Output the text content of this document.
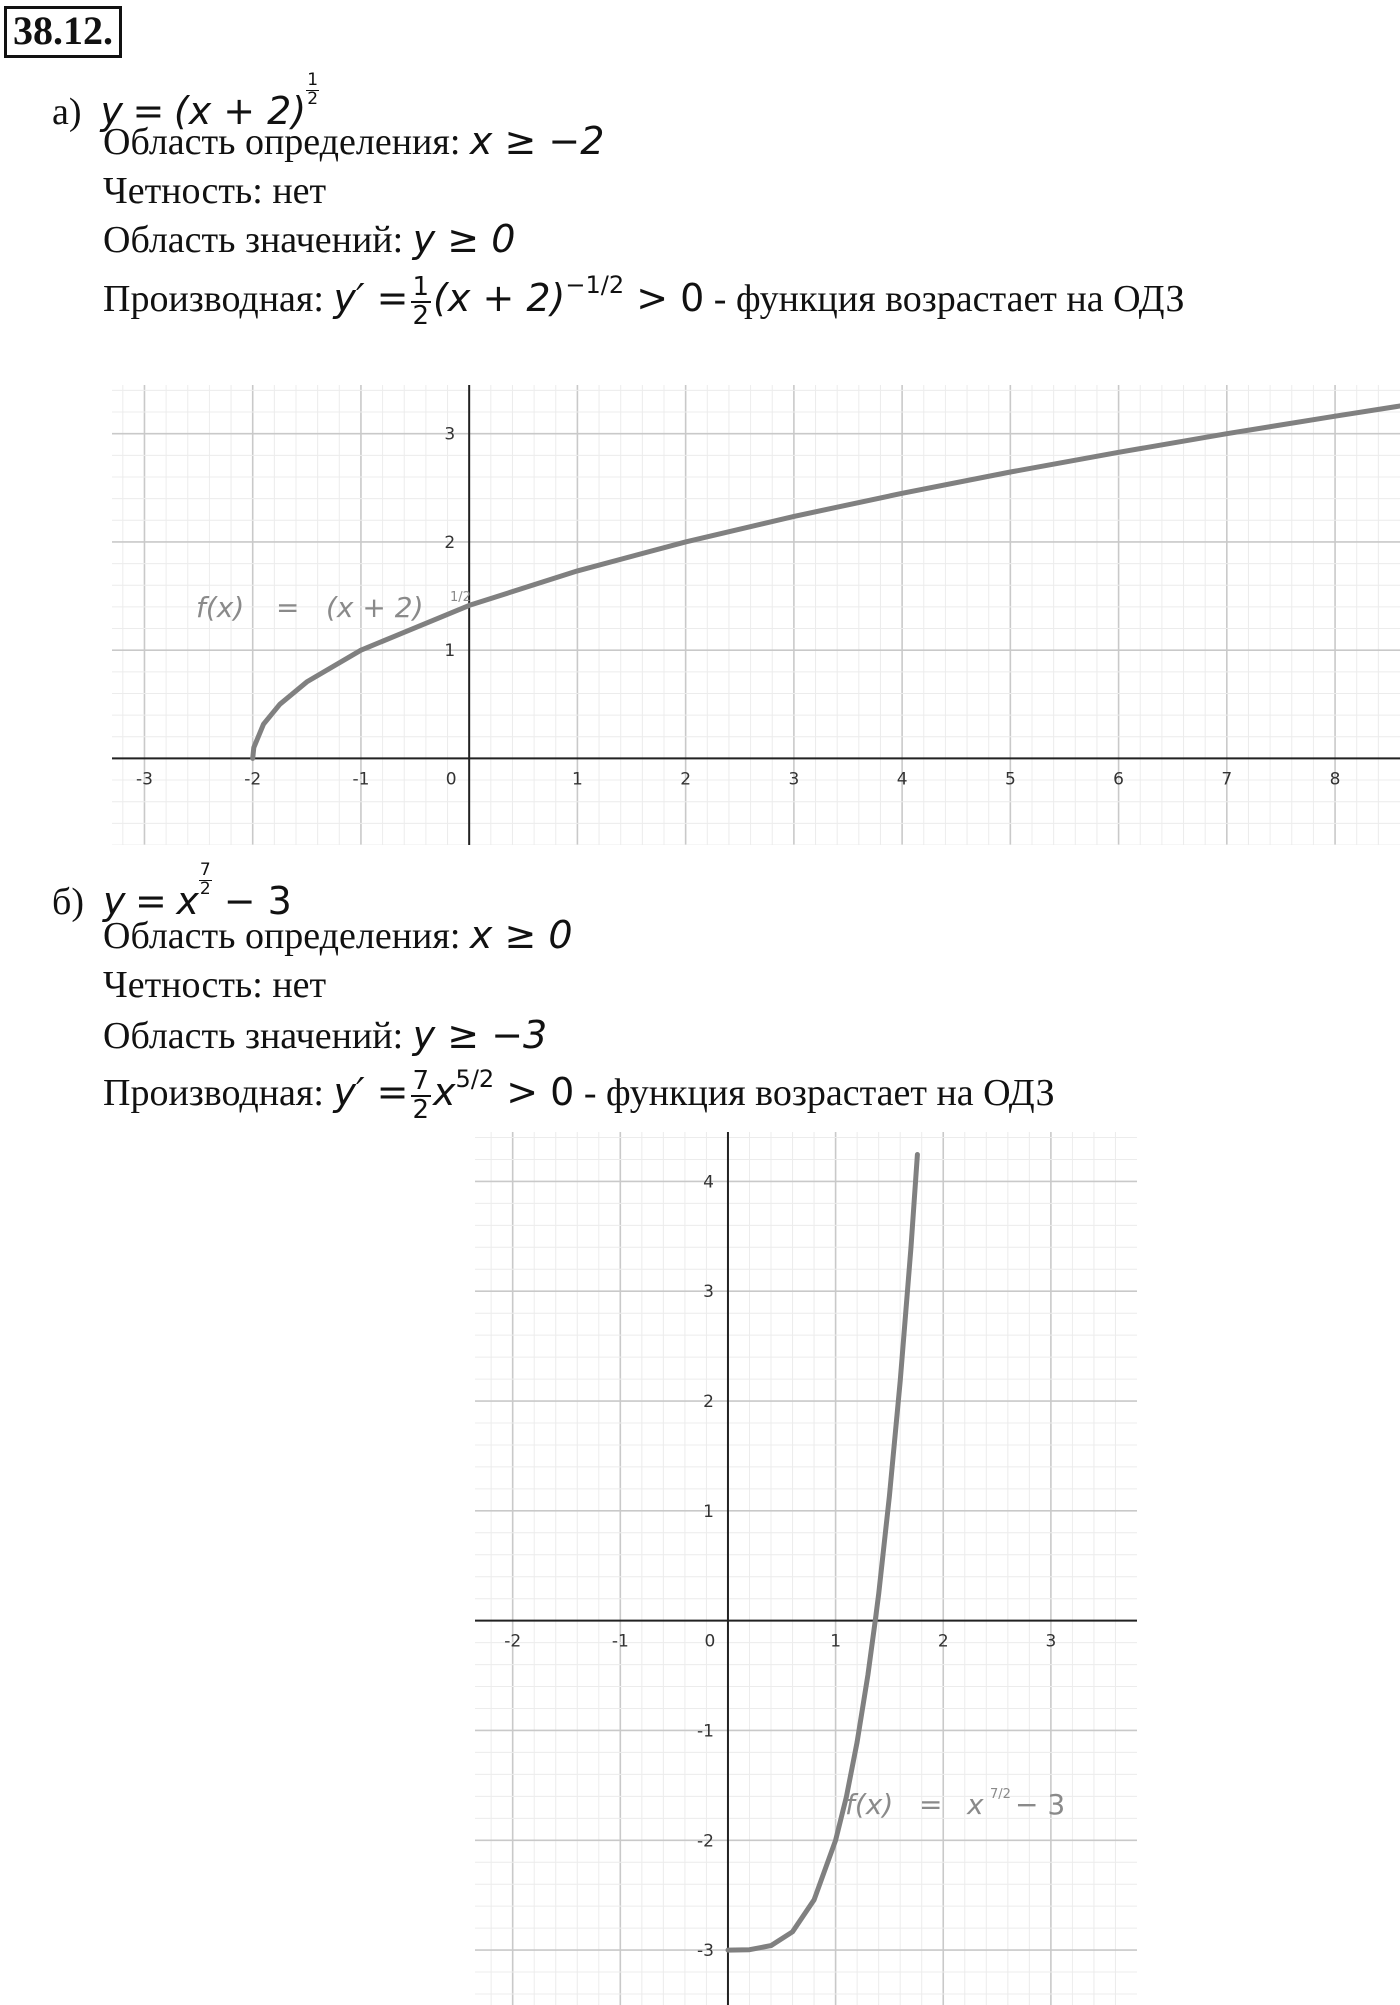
38.12.
а) $y = (x + 2) \frac{1}{2}$
Область определения: x ≥ −2
Четность: нет
Область значений: y ≥ 0
Производная: $y' = \frac{1}{2} (x + 2)^{-1/2} > 0$ - функция возрастает на ОДЗ
-3	-2	-1	0	1	2	3	4	5	6	7	8
1
2
3
f(x) = (x + 2) 1/2
б) y = x $\frac{7}{2} - 3$
Область определения: x ≥ 0
Четность: нет
Область значений: y ≥ −3
Производная: $y' = \frac{7}{2} x^{5/2} > 0$ - функция возрастает на ОДЗ
-2	-1	0	1	2	3
4
3
2
1
-1
-2
-3
f(x) = x 7/2 − 3
